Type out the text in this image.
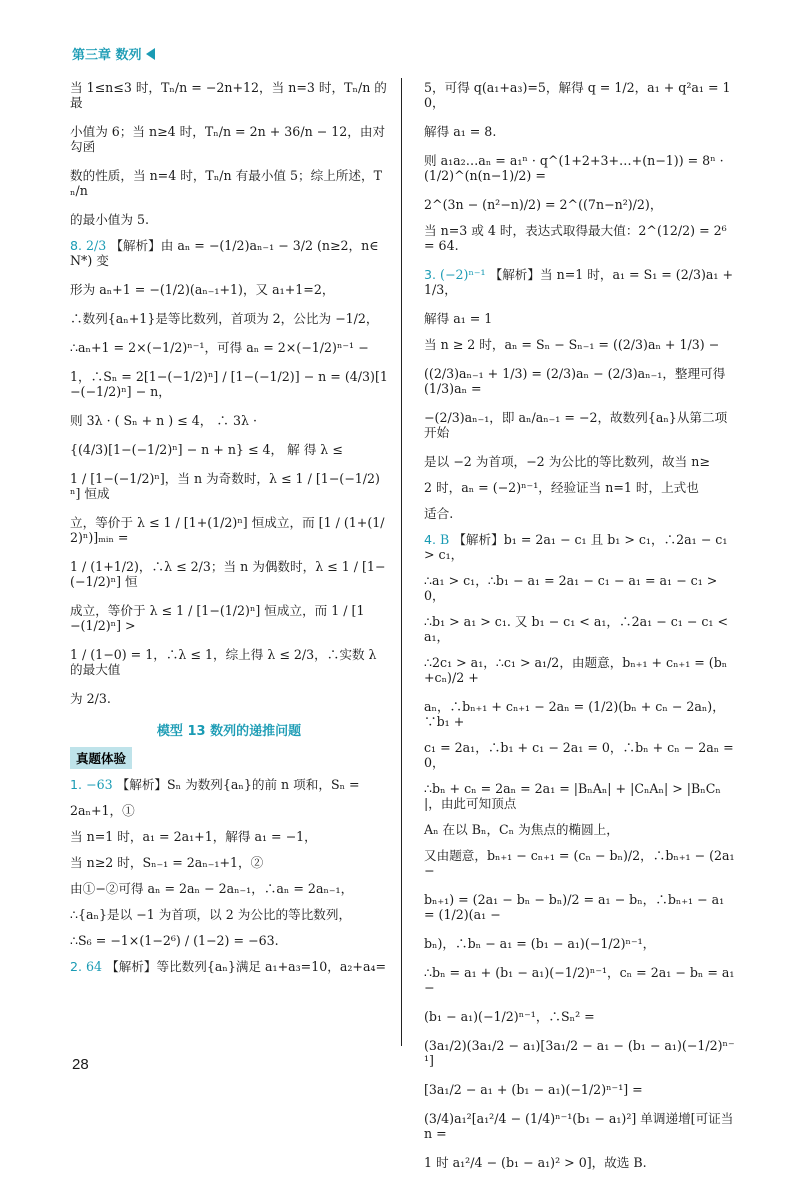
第三章 数列
当 1≤n≤3 时，Tₙ/n = −2n+12，当 n=3 时，Tₙ/n 的最
小值为 6；当 n≥4 时，Tₙ/n = 2n + 36/n − 12，由对勾函
数的性质，当 n=4 时，Tₙ/n 有最小值 5；综上所述，Tₙ/n
的最小值为 5.
8. 2/3 【解析】由 aₙ = −(1/2)aₙ₋₁ − 3/2 (n≥2，n∈N*) 变
形为 aₙ+1 = −(1/2)(aₙ₋₁+1)，又 a₁+1=2，
∴数列{aₙ+1}是等比数列，首项为 2，公比为 −1/2，
∴aₙ+1 = 2×(−1/2)ⁿ⁻¹，可得 aₙ = 2×(−1/2)ⁿ⁻¹ −
1，∴Sₙ = 2[1−(−1/2)ⁿ] / [1−(−1/2)] − n = (4/3)[1−(−1/2)ⁿ] − n，
则 3λ · ( Sₙ + n ) ≤ 4， ∴ 3λ ·
{(4/3)[1−(−1/2)ⁿ] − n + n} ≤ 4， 解 得 λ ≤
1 / [1−(−1/2)ⁿ]，当 n 为奇数时，λ ≤ 1 / [1−(−1/2)ⁿ] 恒成
立，等价于 λ ≤ 1 / [1+(1/2)ⁿ] 恒成立，而 [1 / (1+(1/2)ⁿ)]ₘᵢₙ =
1 / (1+1/2)，∴λ ≤ 2/3；当 n 为偶数时，λ ≤ 1 / [1−(−1/2)ⁿ] 恒
成立，等价于 λ ≤ 1 / [1−(1/2)ⁿ] 恒成立，而 1 / [1−(1/2)ⁿ] >
1 / (1−0) = 1，∴λ ≤ 1，综上得 λ ≤ 2/3，∴实数 λ 的最大值
为 2/3.
模型 13 数列的递推问题
真题体验
1. −63 【解析】Sₙ 为数列{aₙ}的前 n 项和，Sₙ =
2aₙ+1，①
当 n=1 时，a₁ = 2a₁+1，解得 a₁ = −1，
当 n≥2 时，Sₙ₋₁ = 2aₙ₋₁+1，②
由①−②可得 aₙ = 2aₙ − 2aₙ₋₁，∴aₙ = 2aₙ₋₁，
∴{aₙ}是以 −1 为首项，以 2 为公比的等比数列，
∴S₆ = −1×(1−2⁶) / (1−2) = −63.
2. 64 【解析】等比数列{aₙ}满足 a₁+a₃=10，a₂+a₄=
5，可得 q(a₁+a₃)=5，解得 q = 1/2，a₁ + q²a₁ = 10，
解得 a₁ = 8.
则 a₁a₂…aₙ = a₁ⁿ · q^(1+2+3+…+(n−1)) = 8ⁿ · (1/2)^(n(n−1)/2) =
2^(3n − (n²−n)/2) = 2^((7n−n²)/2)，
当 n=3 或 4 时，表达式取得最大值：2^(12/2) = 2⁶ = 64.
3. (−2)ⁿ⁻¹ 【解析】当 n=1 时，a₁ = S₁ = (2/3)a₁ + 1/3，
解得 a₁ = 1
当 n ≥ 2 时，aₙ = Sₙ − Sₙ₋₁ = ((2/3)aₙ + 1/3) −
((2/3)aₙ₋₁ + 1/3) = (2/3)aₙ − (2/3)aₙ₋₁，整理可得 (1/3)aₙ =
−(2/3)aₙ₋₁，即 aₙ/aₙ₋₁ = −2，故数列{aₙ}从第二项开始
是以 −2 为首项，−2 为公比的等比数列，故当 n≥
2 时，aₙ = (−2)ⁿ⁻¹，经验证当 n=1 时，上式也
适合.
4. B 【解析】b₁ = 2a₁ − c₁ 且 b₁ > c₁，∴2a₁ − c₁ > c₁，
∴a₁ > c₁，∴b₁ − a₁ = 2a₁ − c₁ − a₁ = a₁ − c₁ > 0，
∴b₁ > a₁ > c₁. 又 b₁ − c₁ < a₁，∴2a₁ − c₁ − c₁ < a₁，
∴2c₁ > a₁，∴c₁ > a₁/2，由题意，bₙ₊₁ + cₙ₊₁ = (bₙ+cₙ)/2 +
aₙ，∴bₙ₊₁ + cₙ₊₁ − 2aₙ = (1/2)(bₙ + cₙ − 2aₙ)，∵b₁ +
c₁ = 2a₁，∴b₁ + c₁ − 2a₁ = 0，∴bₙ + cₙ − 2aₙ = 0，
∴bₙ + cₙ = 2aₙ = 2a₁ = |BₙAₙ| + |CₙAₙ| > |BₙCₙ|，由此可知顶点
Aₙ 在以 Bₙ，Cₙ 为焦点的椭圆上，
又由题意，bₙ₊₁ − cₙ₊₁ = (cₙ − bₙ)/2，∴bₙ₊₁ − (2a₁ −
bₙ₊₁) = (2a₁ − bₙ − bₙ)/2 = a₁ − bₙ，∴bₙ₊₁ − a₁ = (1/2)(a₁ −
bₙ)，∴bₙ − a₁ = (b₁ − a₁)(−1/2)ⁿ⁻¹，
∴bₙ = a₁ + (b₁ − a₁)(−1/2)ⁿ⁻¹，cₙ = 2a₁ − bₙ = a₁ −
(b₁ − a₁)(−1/2)ⁿ⁻¹，∴Sₙ² =
(3a₁/2)(3a₁/2 − a₁)[3a₁/2 − a₁ − (b₁ − a₁)(−1/2)ⁿ⁻¹]
[3a₁/2 − a₁ + (b₁ − a₁)(−1/2)ⁿ⁻¹] =
(3/4)a₁²[a₁²/4 − (1/4)ⁿ⁻¹(b₁ − a₁)²] 单调递增[可证当 n =
1 时 a₁²/4 − (b₁ − a₁)² > 0]，故选 B.
28
